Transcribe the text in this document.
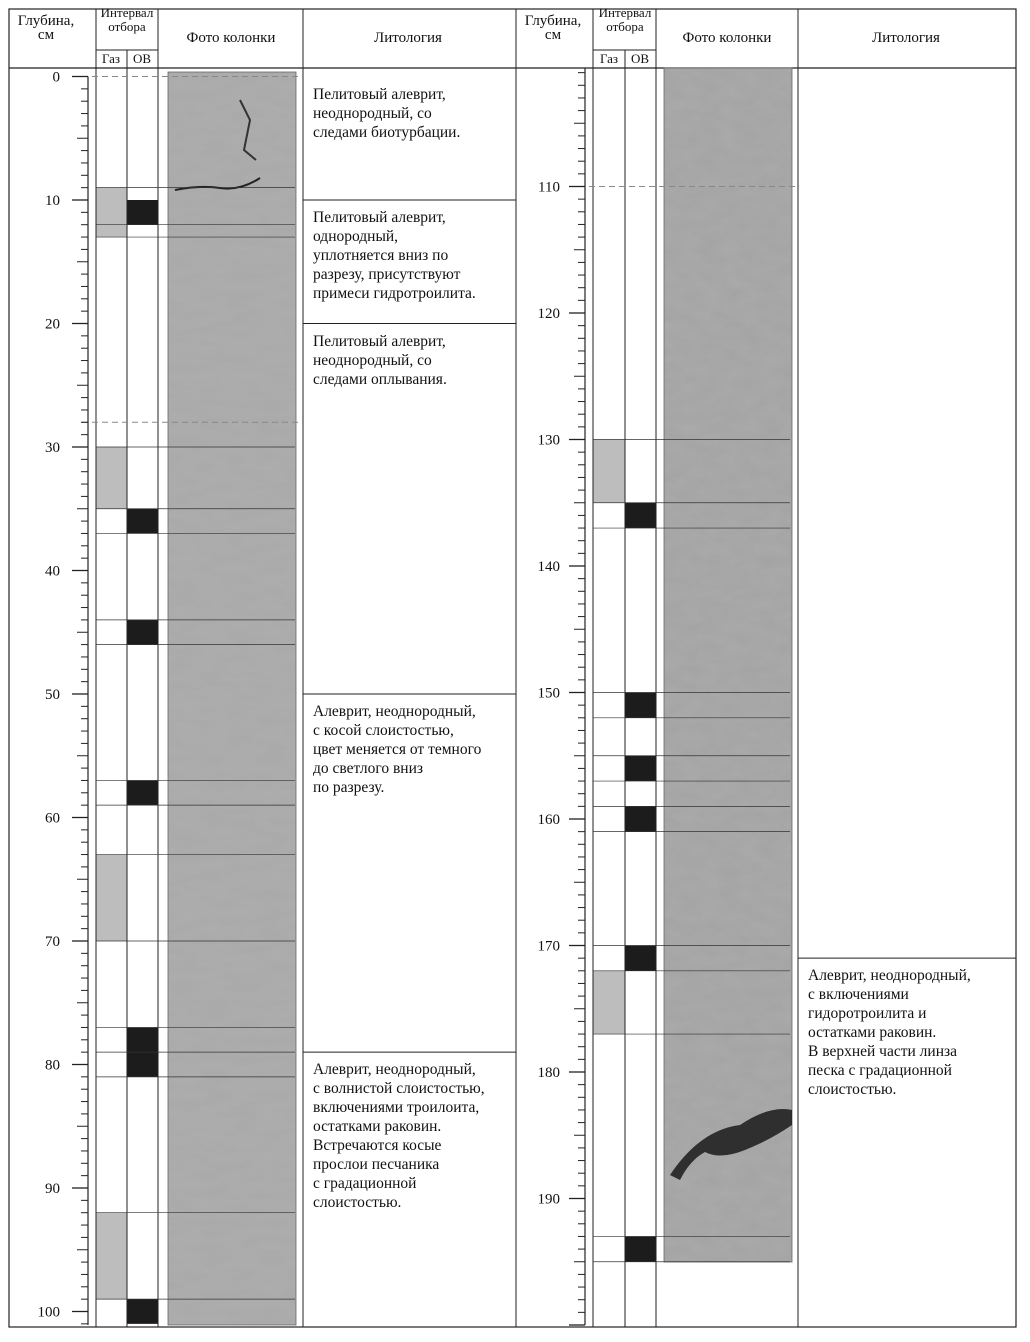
Глубина, см
Интервал отбора
Газ ОВ
Фото колонки	Литология
Глубина, см
Интервал отбора
Газ ОВ
Фото колонки	Литология
0
10
20
30
40
50
60
70
80
90
100
110
120
130
140
150
160
170
180
190
Пелитовый алеврит,
неоднородный, со
следами биотурбации.
Пелитовый алеврит,
однородный,
уплотняется вниз по
разрезу, присутствуют
примеси гидротроилита.
Пелитовый алеврит,
неоднородный, со
следами оплывания.
Алеврит, неоднородный,
с косой слоистостью,
цвет меняется от темного
до светлого вниз
по разрезу.
Алеврит, неоднородный,
с волнистой слоистостью,
включениями троилоита,
остатками раковин.
Встречаются косые
прослои песчаника
с градационной
слоистостью.
Алеврит, неоднородный,
с включениями
гидоротроилита и
остатками раковин.
В верхней части линза
песка с градационной
слоистостью.
